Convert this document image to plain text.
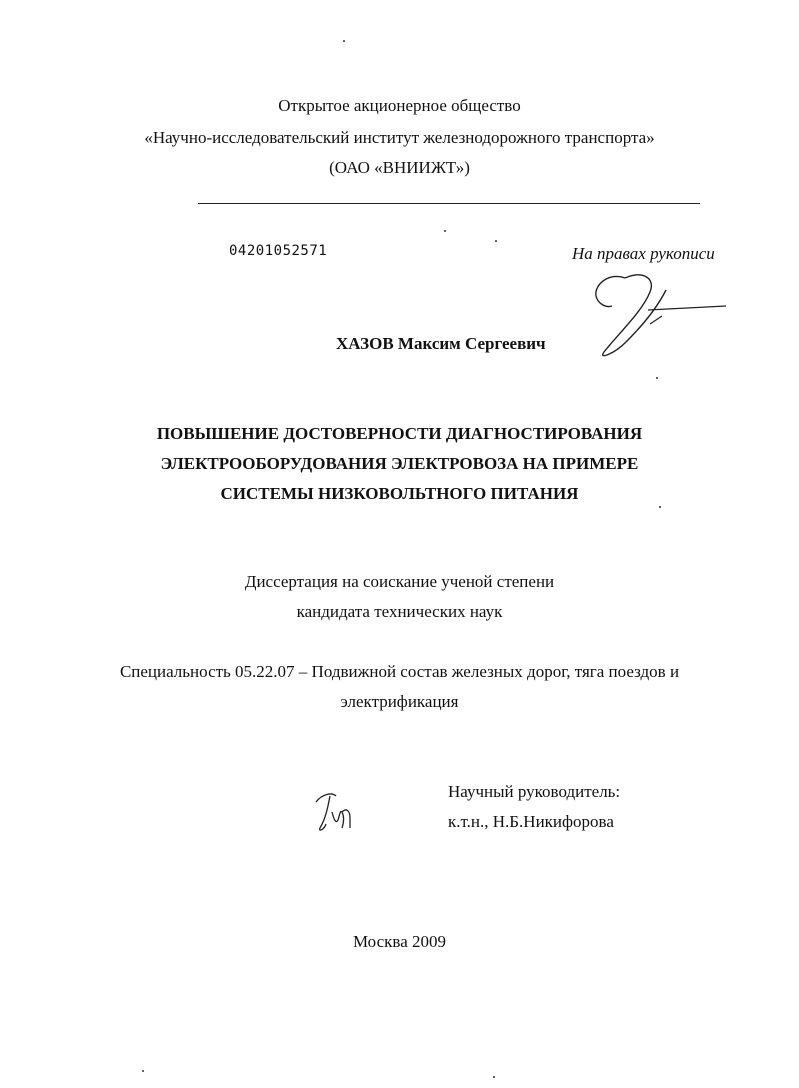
Открытое акционерное общество
«Научно-исследовательский институт железнодорожного транспорта»
(ОАО «ВНИИЖТ»)
04201052571	На правах рукописи
ХАЗОВ Максим Сергеевич
ПОВЫШЕНИЕ ДОСТОВЕРНОСТИ ДИАГНОСТИРОВАНИЯ
ЭЛЕКТРООБОРУДОВАНИЯ ЭЛЕКТРОВОЗА НА ПРИМЕРЕ
СИСТЕМЫ НИЗКОВОЛЬТНОГО ПИТАНИЯ
Диссертация на соискание ученой степени
кандидата технических наук
Специальность 05.22.07 – Подвижной состав железных дорог, тяга поездов и
электрификация
Научный руководитель:
к.т.н., Н.Б.Никифорова
Москва 2009
